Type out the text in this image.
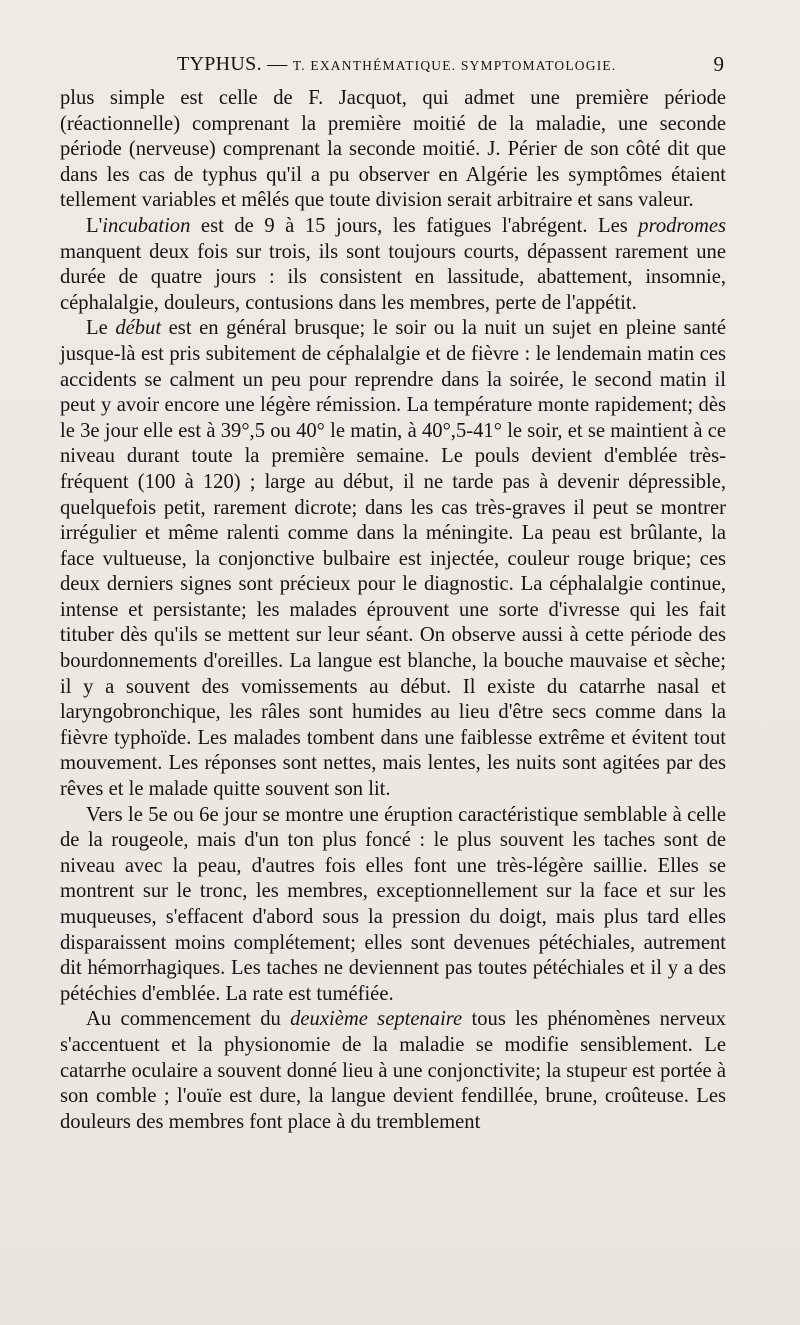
TYPHUS. — T. EXANTHÉMATIQUE. SYMPTOMATOLOGIE.	9

plus simple est celle de F. Jacquot, qui admet une première période (réactionnelle) comprenant la première moitié de la maladie, une seconde période (nerveuse) comprenant la seconde moitié. J. Périer de son côté dit que dans les cas de typhus qu'il a pu observer en Algérie les symptômes étaient tellement variables et mêlés que toute division serait arbitraire et sans valeur.

L'incubation est de 9 à 15 jours, les fatigues l'abrégent. Les prodromes manquent deux fois sur trois, ils sont toujours courts, dépassent rarement une durée de quatre jours : ils consistent en lassitude, abattement, insomnie, céphalalgie, douleurs, contusions dans les membres, perte de l'appétit.

Le début est en général brusque; le soir ou la nuit un sujet en pleine santé jusque-là est pris subitement de céphalalgie et de fièvre : le lendemain matin ces accidents se calment un peu pour reprendre dans la soirée, le second matin il peut y avoir encore une légère rémission. La température monte rapidement; dès le 3e jour elle est à 39°,5 ou 40° le matin, à 40°,5-41° le soir, et se maintient à ce niveau durant toute la première semaine. Le pouls devient d'emblée très-fréquent (100 à 120) ; large au début, il ne tarde pas à devenir dépressible, quelquefois petit, rarement dicrote; dans les cas très-graves il peut se montrer irrégulier et même ralenti comme dans la méningite. La peau est brûlante, la face vultueuse, la conjonctive bulbaire est injectée, couleur rouge brique; ces deux derniers signes sont précieux pour le diagnostic. La céphalalgie continue, intense et persistante; les malades éprouvent une sorte d'ivresse qui les fait tituber dès qu'ils se mettent sur leur séant. On observe aussi à cette période des bourdonnements d'oreilles. La langue est blanche, la bouche mauvaise et sèche; il y a souvent des vomissements au début. Il existe du catarrhe nasal et laryngobronchique, les râles sont humides au lieu d'être secs comme dans la fièvre typhoïde. Les malades tombent dans une faiblesse extrême et évitent tout mouvement. Les réponses sont nettes, mais lentes, les nuits sont agitées par des rêves et le malade quitte souvent son lit.

Vers le 5e ou 6e jour se montre une éruption caractéristique semblable à celle de la rougeole, mais d'un ton plus foncé : le plus souvent les taches sont de niveau avec la peau, d'autres fois elles font une très-légère saillie. Elles se montrent sur le tronc, les membres, exceptionnellement sur la face et sur les muqueuses, s'effacent d'abord sous la pression du doigt, mais plus tard elles disparaissent moins complétement; elles sont devenues pétéchiales, autrement dit hémorrhagiques. Les taches ne deviennent pas toutes pétéchiales et il y a des pétéchies d'emblée. La rate est tuméfiée.

Au commencement du deuxième septenaire tous les phénomènes nerveux s'accentuent et la physionomie de la maladie se modifie sensiblement. Le catarrhe oculaire a souvent donné lieu à une conjonctivite; la stupeur est portée à son comble ; l'ouïe est dure, la langue devient fendillée, brune, croûteuse. Les douleurs des membres font place à du tremblement
